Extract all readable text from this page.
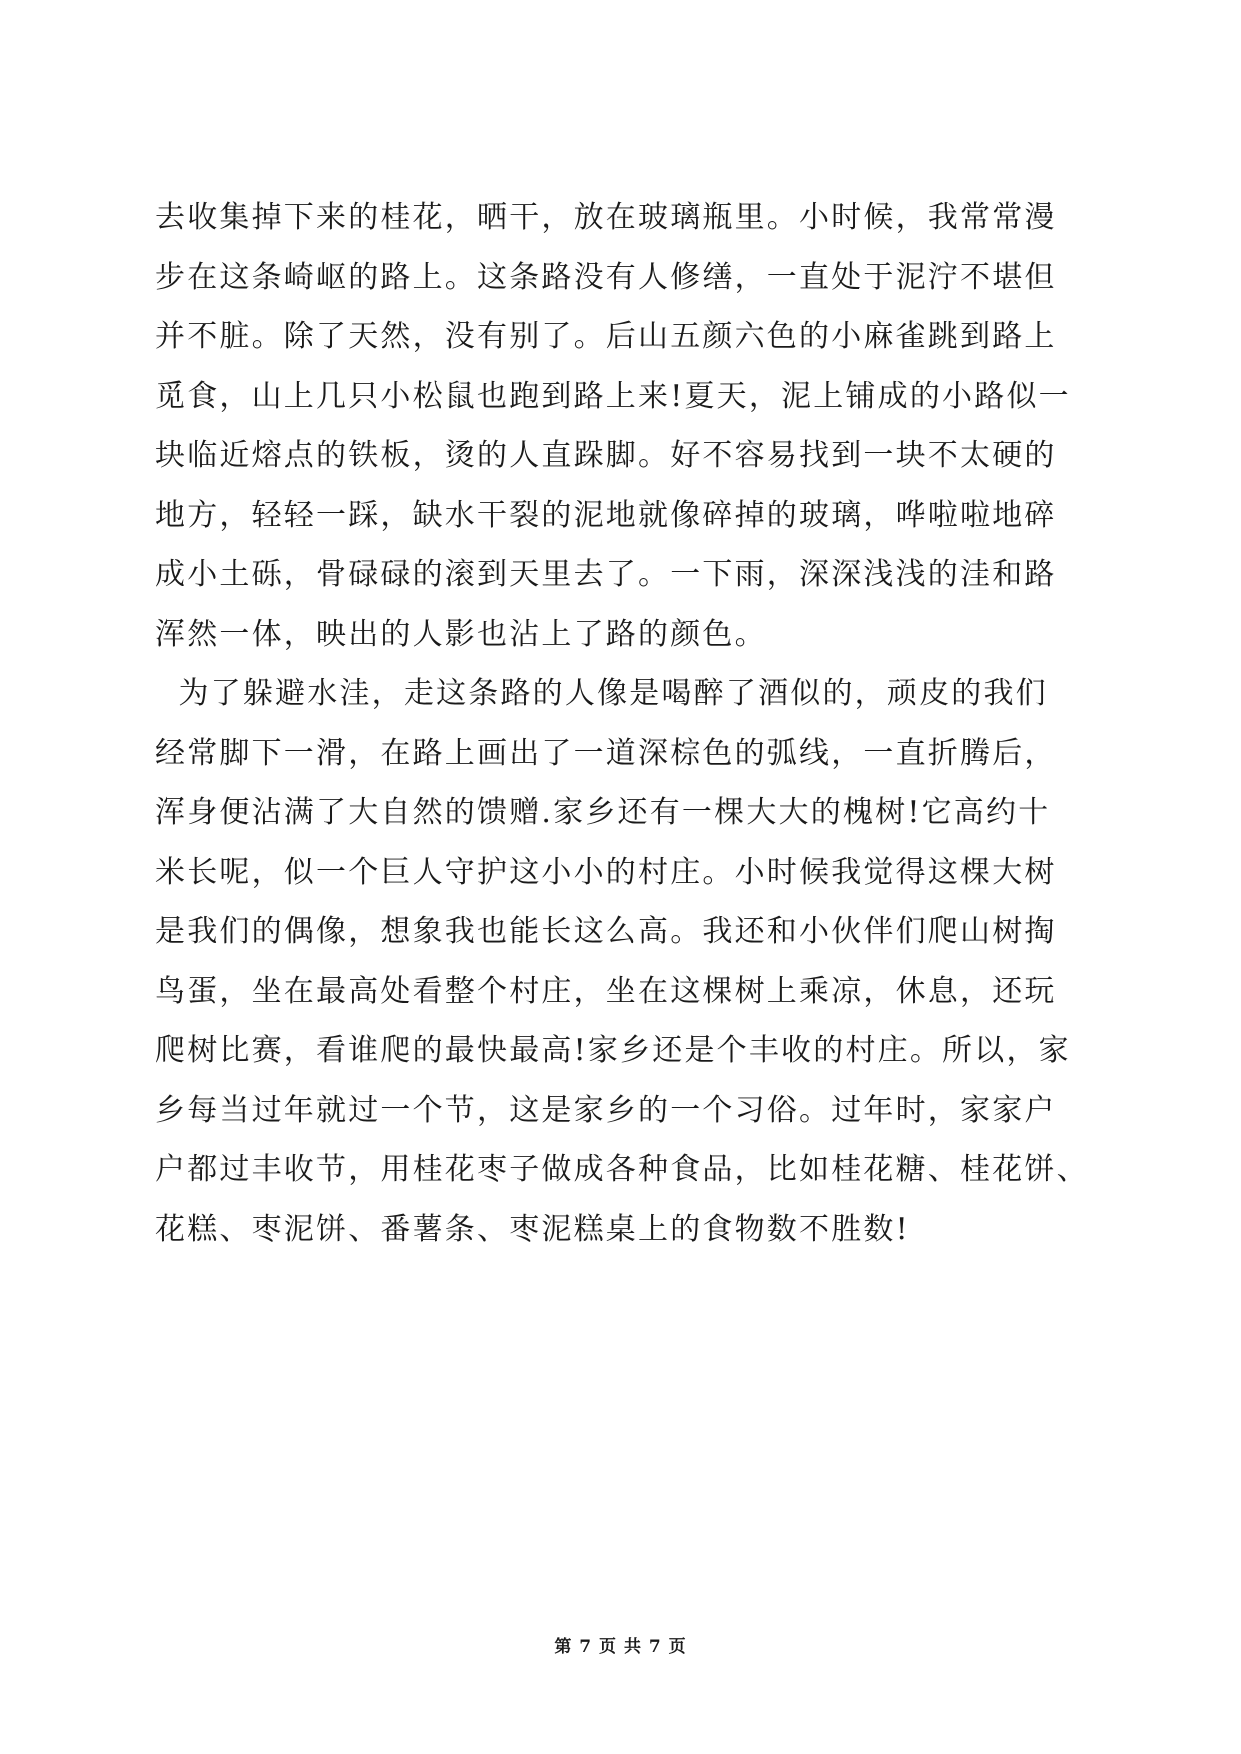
去收集掉下来的桂花，晒干，放在玻璃瓶里。小时候，我常常漫
步在这条崎岖的路上。这条路没有人修缮，一直处于泥泞不堪但
并不脏。除了天然，没有别了。后山五颜六色的小麻雀跳到路上
觅食，山上几只小松鼠也跑到路上来!夏天，泥上铺成的小路似一
块临近熔点的铁板，烫的人直跺脚。好不容易找到一块不太硬的
地方，轻轻一踩，缺水干裂的泥地就像碎掉的玻璃，哗啦啦地碎
成小土砾，骨碌碌的滚到天里去了。一下雨，深深浅浅的洼和路
浑然一体，映出的人影也沾上了路的颜色。
为了躲避水洼，走这条路的人像是喝醉了酒似的，顽皮的我们
经常脚下一滑，在路上画出了一道深棕色的弧线，一直折腾后，
浑身便沾满了大自然的馈赠.家乡还有一棵大大的槐树!它高约十
米长呢，似一个巨人守护这小小的村庄。小时候我觉得这棵大树
是我们的偶像，想象我也能长这么高。我还和小伙伴们爬山树掏
鸟蛋，坐在最高处看整个村庄，坐在这棵树上乘凉，休息，还玩
爬树比赛，看谁爬的最快最高!家乡还是个丰收的村庄。所以，家
乡每当过年就过一个节，这是家乡的一个习俗。过年时，家家户
户都过丰收节，用桂花枣子做成各种食品，比如桂花糖、桂花饼、
花糕、枣泥饼、番薯条、枣泥糕桌上的食物数不胜数!
第 7 页 共 7 页
